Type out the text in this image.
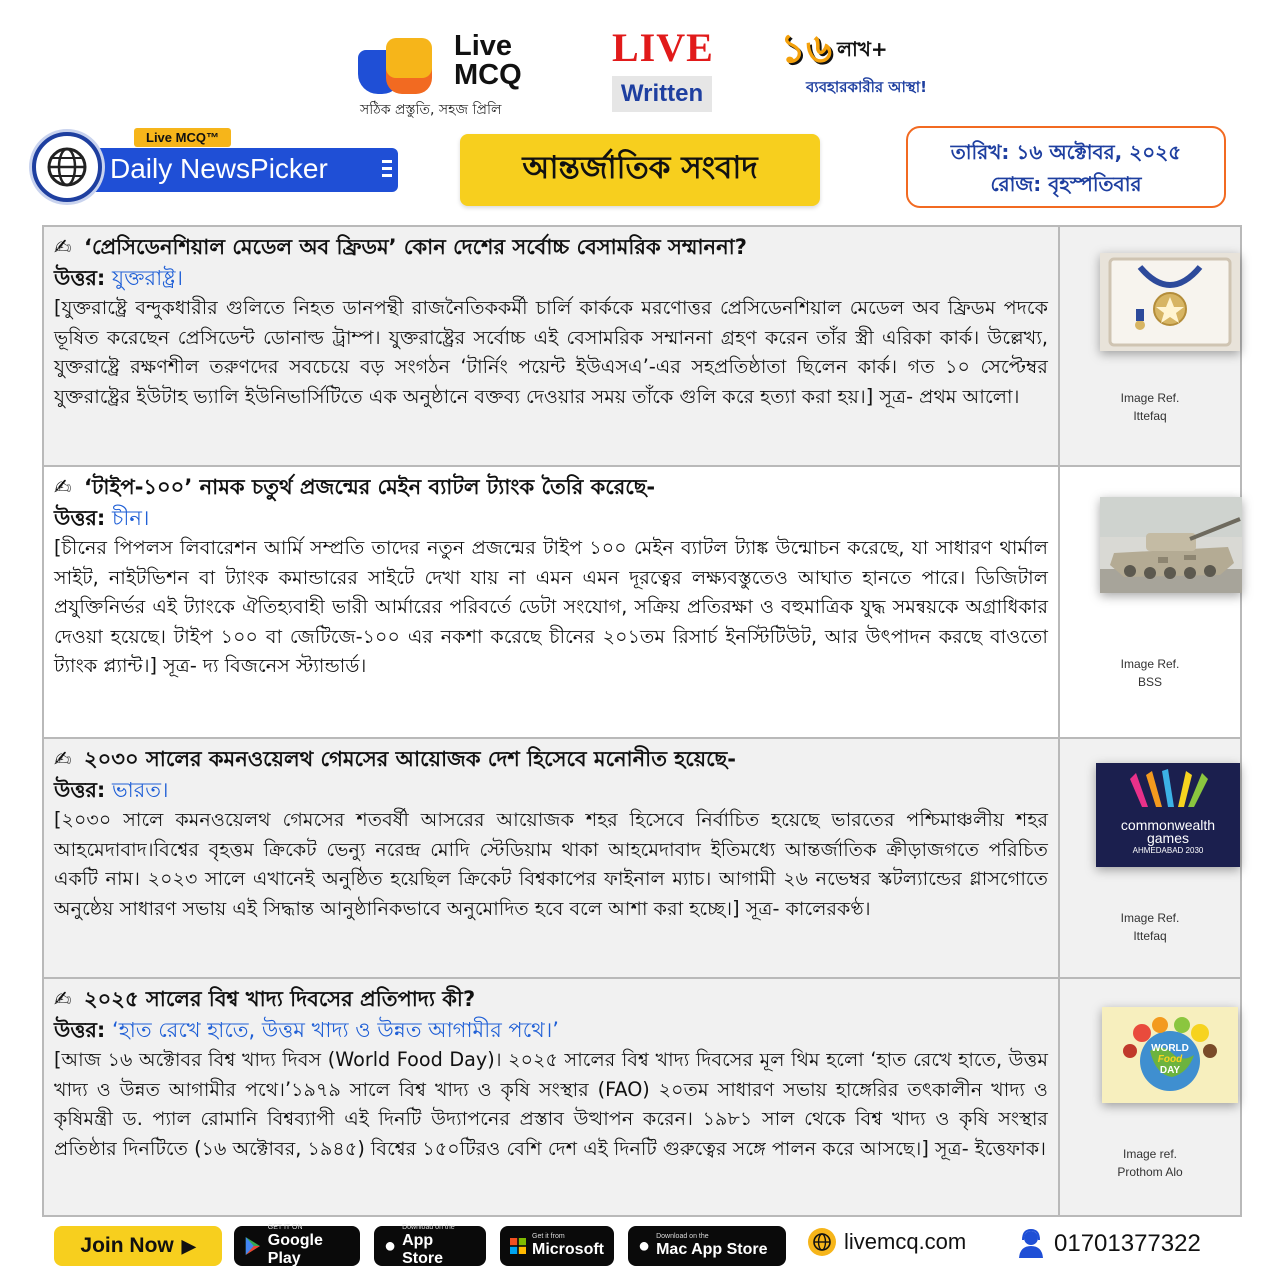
Live
MCQ
সঠিক প্রস্তুতি, সহজ প্রিলি
LIVE
Written
১৬ লাখ+
ব্যবহারকারীর আস্থা!
Live MCQ™
Daily NewsPicker	আন্তর্জাতিক সংবাদ	তারিখ: ১৬ অক্টোবর, ২০২৫
রোজ: বৃহস্পতিবার
✍ ‘প্রেসিডেনশিয়াল মেডেল অব ফ্রিডম’ কোন দেশের সর্বোচ্চ বেসামরিক সম্মাননা?
উত্তর: যুক্তরাষ্ট্র।
[যুক্তরাষ্ট্রে বন্দুকধারীর গুলিতে নিহত ডানপন্থী রাজনৈতিককর্মী চার্লি কার্ককে মরণোত্তর প্রেসিডেনশিয়াল মেডেল অব ফ্রিডম পদকে ভূষিত করেছেন প্রেসিডেন্ট ডোনাল্ড ট্রাম্প। যুক্তরাষ্ট্রের সর্বোচ্চ এই বেসামরিক সম্মাননা গ্রহণ করেন তাঁর স্ত্রী এরিকা কার্ক। উল্লেখ্য, যুক্তরাষ্ট্রে রক্ষণশীল তরুণদের সবচেয়ে বড় সংগঠন ‘টার্নিং পয়েন্ট ইউএসএ’-এর সহপ্রতিষ্ঠাতা ছিলেন কার্ক। গত ১০ সেপ্টেম্বর যুক্তরাষ্ট্রের ইউটাহ ভ্যালি ইউনিভার্সিটিতে এক অনুষ্ঠানে বক্তব্য দেওয়ার সময় তাঁকে গুলি করে হত্যা করা হয়।] সূত্র- প্রথম আলো।	Image Ref.
Ittefaq
✍ ‘টাইপ-১০০’ নামক চতুর্থ প্রজন্মের মেইন ব্যাটল ট্যাংক তৈরি করেছে-
উত্তর: চীন।
[চীনের পিপলস লিবারেশন আর্মি সম্প্রতি তাদের নতুন প্রজন্মের টাইপ ১০০ মেইন ব্যাটল ট্যাঙ্ক উন্মোচন করেছে, যা সাধারণ থার্মাল সাইট, নাইটভিশন বা ট্যাংক কমান্ডারের সাইটে দেখা যায় না এমন এমন দূরত্বের লক্ষ্যবস্তুতেও আঘাত হানতে পারে। ডিজিটাল প্রযুক্তিনির্ভর এই ট্যাংকে ঐতিহ্যবাহী ভারী আর্মারের পরিবর্তে ডেটা সংযোগ, সক্রিয় প্রতিরক্ষা ও বহুমাত্রিক যুদ্ধ সমন্বয়কে অগ্রাধিকার দেওয়া হয়েছে। টাইপ ১০০ বা জেটিজে-১০০ এর নকশা করেছে চীনের ২০১তম রিসার্চ ইনস্টিটিউট, আর উৎপাদন করছে বাওতো ট্যাংক প্ল্যান্ট।] সূত্র- দ্য বিজনেস স্ট্যান্ডার্ড।	Image Ref.
BSS
✍ ২০৩০ সালের কমনওয়েলথ গেমসের আয়োজক দেশ হিসেবে মনোনীত হয়েছে-
উত্তর: ভারত।
[২০৩০ সালে কমনওয়েলথ গেমসের শতবর্ষী আসরের আয়োজক শহর হিসেবে নির্বাচিত হয়েছে ভারতের পশ্চিমাঞ্চলীয় শহর আহমেদাবাদ।বিশ্বের বৃহত্তম ক্রিকেট ভেন্যু নরেন্দ্র মোদি স্টেডিয়াম থাকা আহমেদাবাদ ইতিমধ্যে আন্তর্জাতিক ক্রীড়াজগতে পরিচিত একটি নাম। ২০২৩ সালে এখানেই অনুষ্ঠিত হয়েছিল ক্রিকেট বিশ্বকাপের ফাইনাল ম্যাচ। আগামী ২৬ নভেম্বর স্কটল্যান্ডের গ্লাসগোতে অনুষ্ঠেয় সাধারণ সভায় এই সিদ্ধান্ত আনুষ্ঠানিকভাবে অনুমোদিত হবে বলে আশা করা হচ্ছে।] সূত্র- কালেরকণ্ঠ।
commonwealth
games
AHMEDABAD 2030
Image Ref.
Ittefaq
✍ ২০২৫ সালের বিশ্ব খাদ্য দিবসের প্রতিপাদ্য কী?
উত্তর: ‘হাত রেখে হাতে, উত্তম খাদ্য ও উন্নত আগামীর পথে।’
[আজ ১৬ অক্টোবর বিশ্ব খাদ্য দিবস (World Food Day)। ২০২৫ সালের বিশ্ব খাদ্য দিবসের মূল থিম হলো ‘হাত রেখে হাতে, উত্তম খাদ্য ও উন্নত আগামীর পথে।’১৯৭৯ সালে বিশ্ব খাদ্য ও কৃষি সংস্থার (FAO) ২০তম সাধারণ সভায় হাঙ্গেরির তৎকালীন খাদ্য ও কৃষিমন্ত্রী ড. প্যাল রোমানি বিশ্বব্যাপী এই দিনটি উদ্যাপনের প্রস্তাব উত্থাপন করেন। ১৯৮১ সাল থেকে বিশ্ব খাদ্য ও কৃষি সংস্থার প্রতিষ্ঠার দিনটিতে (১৬ অক্টোবর, ১৯৪৫) বিশ্বের ১৫০টিরও বেশি দেশ এই দিনটি গুরুত্বের সঙ্গে পালন করে আসছে।] সূত্র- ইত্তেফাক।
WORLD
Food
DAY
Image ref.
Prothom Alo
Join Now ▶
GET IT ON
Google Play
●
Download on the
App Store
Get it from
Microsoft ● Download on the
Mac App Store	livemcq.com	01701377322
